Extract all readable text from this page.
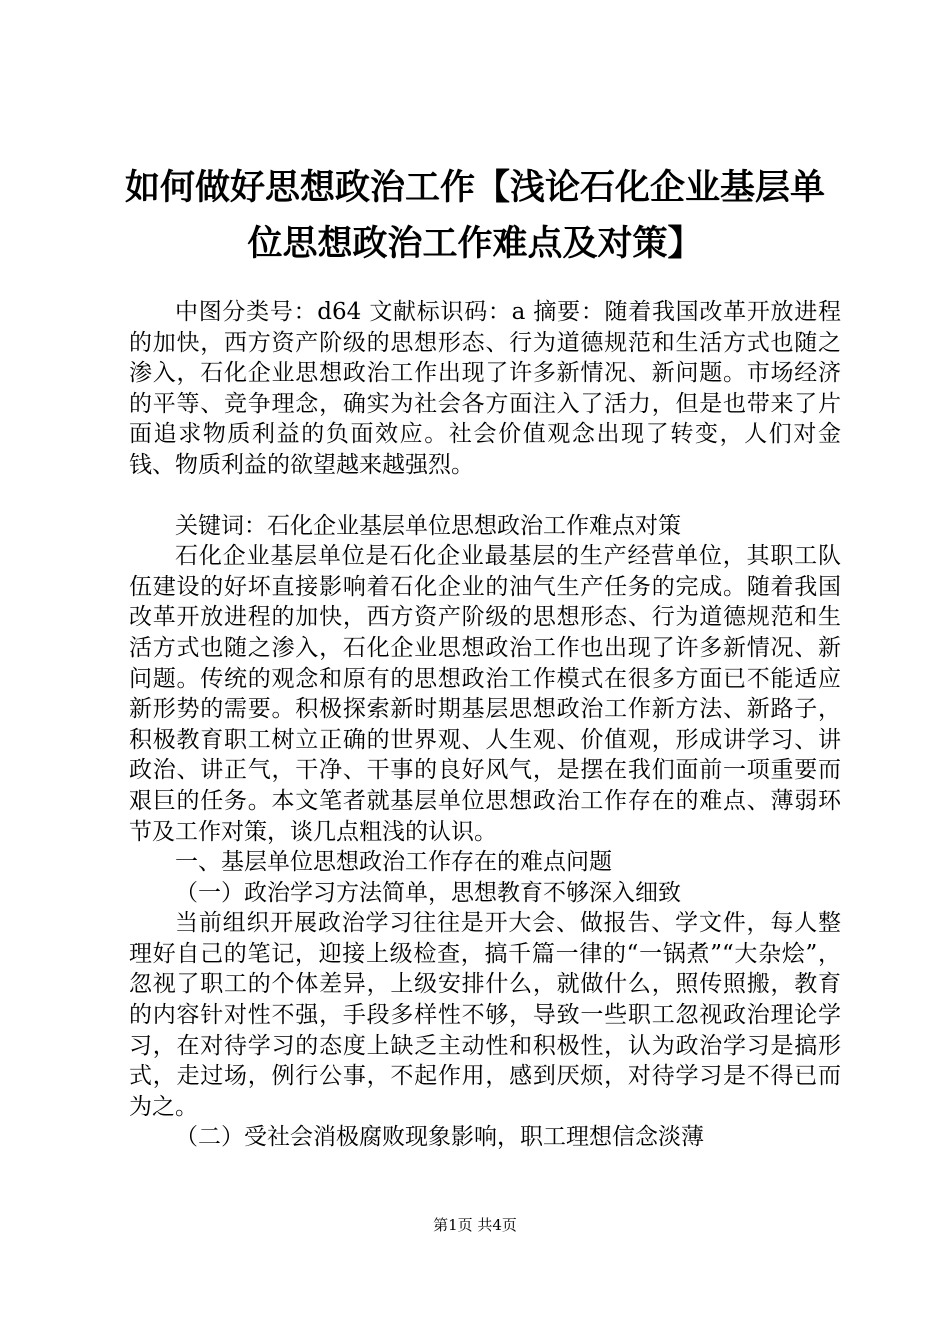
如何做好思想政治工作【浅论石化企业基层单
位思想政治工作难点及对策】

中图分类号：d64 文献标识码：a 摘要：随着我国改革开放进程的加快，西方资产阶级的思想形态、行为道德规范和生活方式也随之渗入，石化企业思想政治工作出现了许多新情况、新问题。市场经济的平等、竞争理念，确实为社会各方面注入了活力，但是也带来了片面追求物质利益的负面效应。社会价值观念出现了转变，人们对金钱、物质利益的欲望越来越强烈。

关键词：石化企业基层单位思想政治工作难点对策

石化企业基层单位是石化企业最基层的生产经营单位，其职工队伍建设的好坏直接影响着石化企业的油气生产任务的完成。随着我国改革开放进程的加快，西方资产阶级的思想形态、行为道德规范和生活方式也随之渗入，石化企业思想政治工作也出现了许多新情况、新问题。传统的观念和原有的思想政治工作模式在很多方面已不能适应新形势的需要。积极探索新时期基层思想政治工作新方法、新路子，积极教育职工树立正确的世界观、人生观、价值观，形成讲学习、讲政治、讲正气，干净、干事的良好风气，是摆在我们面前一项重要而艰巨的任务。本文笔者就基层单位思想政治工作存在的难点、薄弱环节及工作对策，谈几点粗浅的认识。

一、基层单位思想政治工作存在的难点问题

（一）政治学习方法简单，思想教育不够深入细致

当前组织开展政治学习往往是开大会、做报告、学文件，每人整理好自己的笔记，迎接上级检查，搞千篇一律的“一锅煮”“大杂烩”，忽视了职工的个体差异，上级安排什么，就做什么，照传照搬，教育的内容针对性不强，手段多样性不够，导致一些职工忽视政治理论学习，在对待学习的态度上缺乏主动性和积极性，认为政治学习是搞形式，走过场，例行公事，不起作用，感到厌烦，对待学习是不得已而为之。

（二）受社会消极腐败现象影响，职工理想信念淡薄

第1页 共4页
